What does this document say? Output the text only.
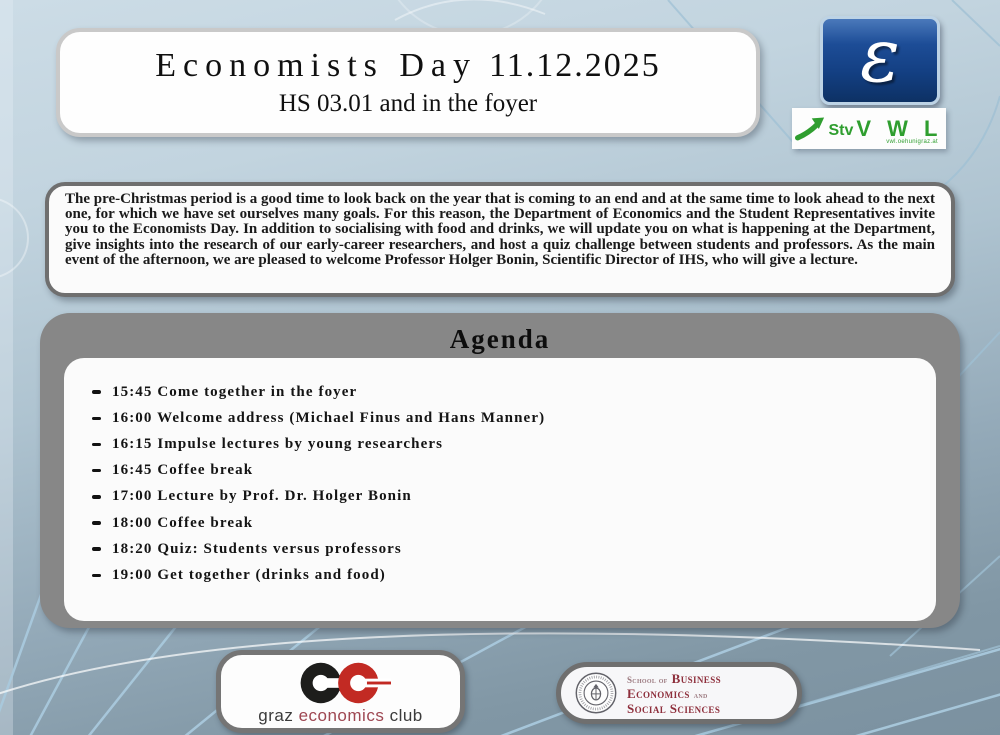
Economists Day 11.12.2025
HS 03.01 and in the foyer
ε
Stv V W L
vwl.oehunigraz.at
The pre-Christmas period is a good time to look back on the year that is coming to an end and at the same time to look ahead to the next one, for which we have set ourselves many goals. For this reason, the Department of Economics and the Student Representatives invite you to the Economists Day. In addition to socialising with food and drinks, we will update you on what is happening at the Department, give insights into the research of our early-career researchers, and host a quiz challenge between students and professors. As the main event of the afternoon, we are pleased to welcome Professor Holger Bonin, Scientific Director of IHS, who will give a lecture.
Agenda
15:45 Come together in the foyer
16:00 Welcome address (Michael Finus and Hans Manner)
16:15 Impulse lectures by young researchers
16:45 Coffee break
17:00 Lecture by Prof. Dr. Holger Bonin
18:00 Coffee break
18:20 Quiz: Students versus professors
19:00 Get together (drinks and food)
graz economics club
School of Business
Economics and
Social Sciences
